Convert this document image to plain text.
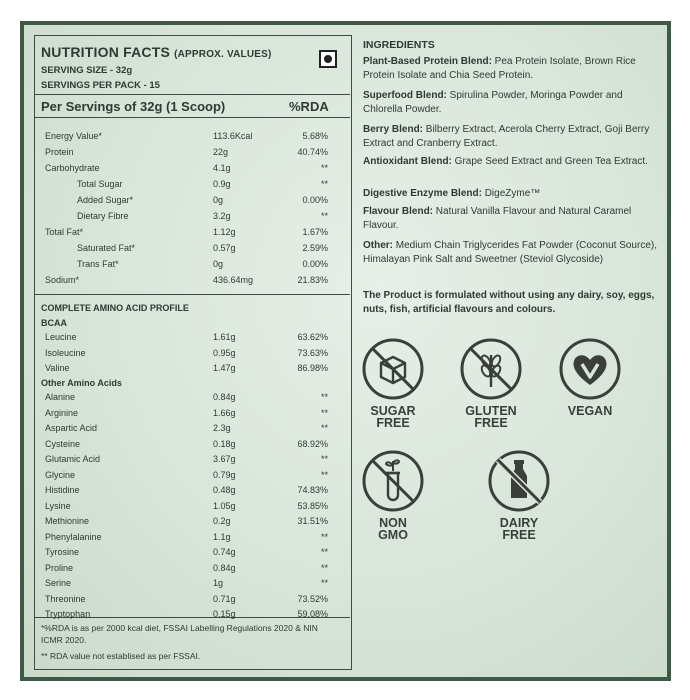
NUTRITION FACTS (APPROX. VALUES)
SERVING SIZE - 32g
SERVINGS PER PACK - 15
Per Servings of 32g (1 Scoop)	%RDA
COMPLETE AMINO ACID PROFILE
BCAA
Other Amino Acids
*%RDA is as per 2000 kcal diet, FSSAI Labelling Regulations 2020 & NIN ICMR 2020.
** RDA value not establised as per FSSAI.
Energy Value*	113.6Kcal	5.68%
Protein	22g	40.74%
Carbohydrate	4.1g	**
Total Sugar	0.9g	**
Added Sugar*	0g	0.00%
Dietary Fibre	3.2g	**
Total Fat*	1.12g	1.67%
Saturated Fat*	0.57g	2.59%
Trans Fat*	0g	0.00%
Sodium*	436.64mg	21.83%
Leucine	1.61g	63.62%
Isoleucine	0.95g	73.63%
Valine	1.47g	86.98%
Alanine	0.84g	**
Arginine	1.66g	**
Aspartic Acid	2.3g	**
Cysteine	0.18g	68.92%
Glutamic Acid	3.67g	**
Glycine	0.79g	**
Histidine	0.48g	74.83%
Lysine	1.05g	53.85%
Methionine	0.2g	31.51%
Phenylalanine	1.1g	**
Tyrosine	0.74g	**
Proline	0.84g	**
Serine	1g	**
Threonine	0.71g	73.52%
Tryptophan	0.15g	59.08%
INGREDIENTS
Plant-Based Protein Blend: Pea Protein Isolate, Brown Rice Protein Isolate and Chia Seed Protein.
Superfood Blend: Spirulina Powder, Moringa Powder and Chlorella Powder.
Berry Blend: Bilberry Extract, Acerola Cherry Extract, Goji Berry Extract and Cranberry Extract.
Antioxidant Blend: Grape Seed Extract and Green Tea Extract.
Digestive Enzyme Blend: DigeZyme™
Flavour Blend: Natural Vanilla Flavour and Natural Caramel Flavour.
Other: Medium Chain Triglycerides Fat Powder (Coconut Source), Himalayan Pink Salt and Sweetner (Steviol Glycoside)
The Product is formulated without using any dairy, soy, eggs, nuts, fish, artificial flavours and colours.
SUGAR
FREE
GLUTEN
FREE
VEGAN
NON
GMO
DAIRY
FREE
